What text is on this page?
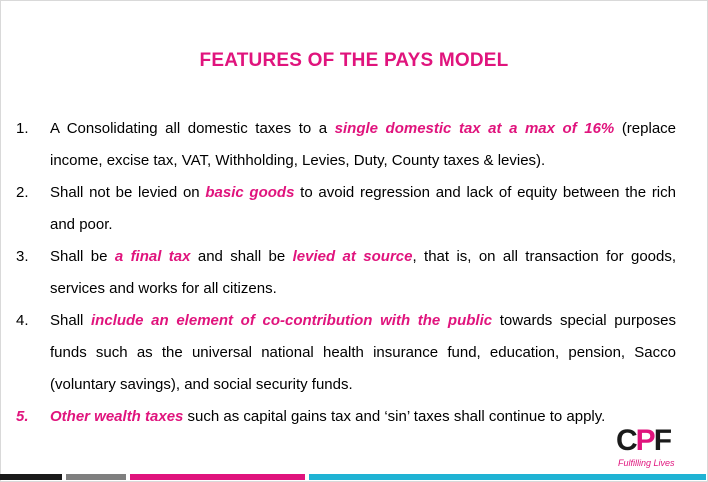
FEATURES OF THE PAYS MODEL
1.	A Consolidating all domestic taxes to a single domestic tax at a max of 16% (replace income, excise tax, VAT, Withholding, Levies, Duty, County taxes & levies).
2.	Shall not be levied on basic goods to avoid regression and lack of equity between the rich and poor.
3.	Shall be a final tax and shall be levied at source, that is, on all transaction for goods, services and works for all citizens.
4.	Shall include an element of co-contribution with the public towards special purposes funds such as the universal national health insurance fund, education, pension, Sacco (voluntary savings), and social security funds.
5.	Other wealth taxes such as capital gains tax and ‘sin’ taxes shall continue to apply.
CPF
Fulfilling Lives
